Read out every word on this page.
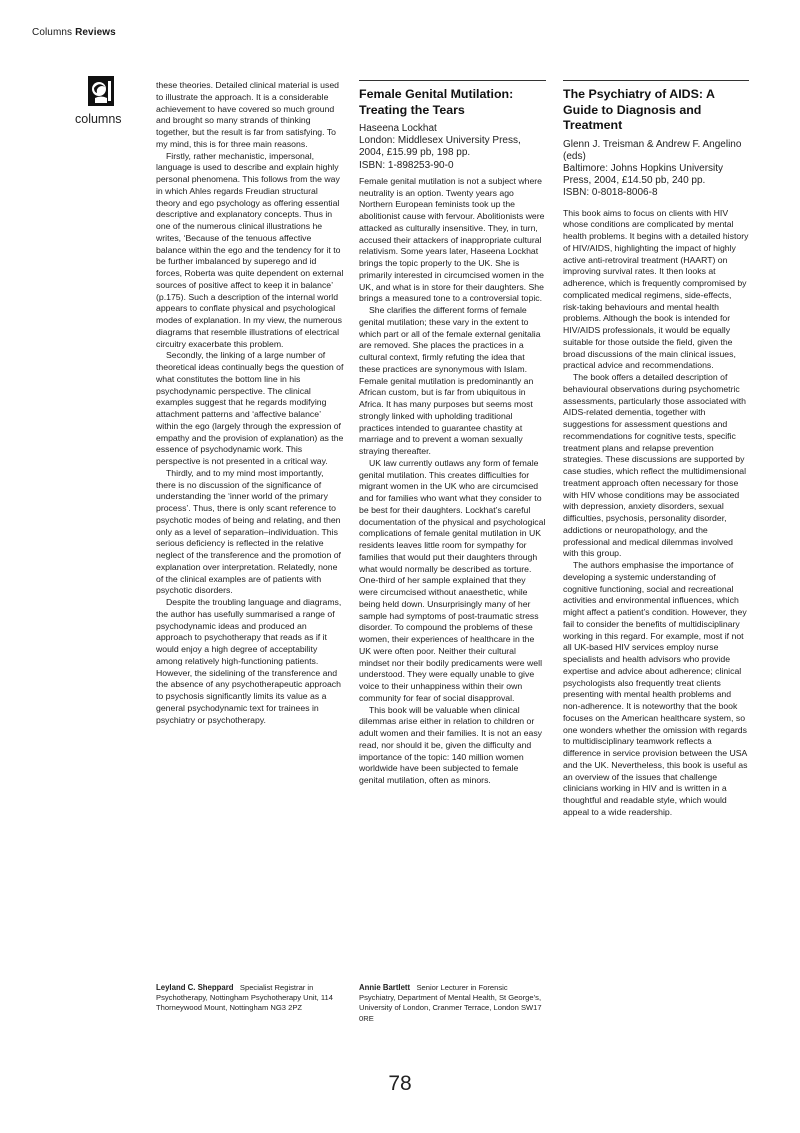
Columns Reviews
columns

these theories. Detailed clinical material is used to illustrate the approach. It is a considerable achievement to have covered so much ground and brought so many strands of thinking together, but the result is far from satisfying. To my mind, this is for three main reasons.

Firstly, rather mechanistic, impersonal, language is used to describe and explain highly personal phenomena. This follows from the way in which Ahles regards Freudian structural theory and ego psychology as offering essential descriptive and explanatory concepts. Thus in one of the numerous clinical illustrations he writes, ‘Because of the tenuous affective balance within the ego and the tendency for it to be further imbalanced by superego and id forces, Roberta was quite dependent on external sources of positive affect to keep it in balance’ (p.175). Such a description of the internal world appears to conflate physical and psychological modes of explanation. In my view, the numerous diagrams that resemble illustrations of electrical circuitry exacerbate this problem.

Secondly, the linking of a large number of theoretical ideas continually begs the question of what constitutes the bottom line in his psychodynamic perspective. The clinical examples suggest that he regards modifying attachment patterns and ‘affective balance’ within the ego (largely through the expression of empathy and the provision of explanation) as the essence of psychodynamic work. This perspective is not presented in a critical way.

Thirdly, and to my mind most importantly, there is no discussion of the significance of understanding the ‘inner world of the primary process’. Thus, there is only scant reference to psychotic modes of being and relating, and then only as a level of separation–individuation. This serious deficiency is reflected in the relative neglect of the transference and the promotion of explanation over interpretation. Relatedly, none of the clinical examples are of patients with psychotic disorders.

Despite the troubling language and diagrams, the author has usefully summarised a range of psychodynamic ideas and produced an approach to psychotherapy that reads as if it would enjoy a high degree of acceptability among relatively high-functioning patients. However, the sidelining of the transference and the absence of any psychotherapeutic approach to psychosis significantly limits its value as a general psychodynamic text for trainees in psychiatry or psychotherapy.

Leyland C. Sheppard Specialist Registrar in Psychotherapy, Nottingham Psychotherapy Unit, 114 Thorneywood Mount, Nottingham NG3 2PZ
Female Genital Mutilation: Treating the Tears
Haseena Lockhat
London: Middlesex University Press, 2004, £15.99 pb, 198 pp.
ISBN: 1-898253-90-0

Female genital mutilation is not a subject where neutrality is an option. Twenty years ago Northern European feminists took up the abolitionist cause with fervour. Abolitionists were attacked as culturally insensitive. They, in turn, accused their attackers of inappropriate cultural relativism. Some years later, Haseena Lockhat brings the topic properly to the UK. She is primarily interested in circumcised women in the UK, and what is in store for their daughters. She brings a measured tone to a controversial topic.

She clarifies the different forms of female genital mutilation; these vary in the extent to which part or all of the female external genitalia are removed. She places the practices in a cultural context, firmly refuting the idea that these practices are synonymous with Islam. Female genital mutilation is predominantly an African custom, but is far from ubiquitous in Africa. It has many purposes but seems most strongly linked with upholding traditional practices intended to guarantee chastity at marriage and to prevent a woman sexually straying thereafter.

UK law currently outlaws any form of female genital mutilation. This creates difficulties for migrant women in the UK who are circumcised and for families who want what they consider to be best for their daughters. Lockhat’s careful documentation of the physical and psychological complications of female genital mutilation in UK residents leaves little room for sympathy for families that would put their daughters through what would normally be described as torture. One-third of her sample explained that they were circumcised without anaesthetic, while being held down. Unsurprisingly many of her sample had symptoms of post-traumatic stress disorder. To compound the problems of these women, their experiences of healthcare in the UK were often poor. Neither their cultural mindset nor their bodily predicaments were well understood. They were equally unable to give voice to their unhappiness within their own community for fear of social disapproval.

This book will be valuable when clinical dilemmas arise either in relation to children or adult women and their families. It is not an easy read, nor should it be, given the difficulty and importance of the topic: 140 million women worldwide have been subjected to female genital mutilation, often as minors.

Annie Bartlett Senior Lecturer in Forensic Psychiatry, Department of Mental Health, St George’s, University of London, Cranmer Terrace, London SW17 0RE
The Psychiatry of AIDS: A Guide to Diagnosis and Treatment
Glenn J. Treisman & Andrew F. Angelino (eds)
Baltimore: Johns Hopkins University Press, 2004, £14.50 pb, 240 pp.
ISBN: 0-8018-8006-8

This book aims to focus on clients with HIV whose conditions are complicated by mental health problems. It begins with a detailed history of HIV/AIDS, highlighting the impact of highly active anti-retroviral treatment (HAART) on improving survival rates. It then looks at adherence, which is frequently compromised by complicated medical regimens, side-effects, risk-taking behaviours and mental health problems. Although the book is intended for HIV/AIDS professionals, it would be equally suitable for those outside the field, given the broad discussions of the main clinical issues, practical advice and recommendations.

The book offers a detailed description of behavioural observations during psychometric assessments, particularly those associated with AIDS-related dementia, together with suggestions for assessment questions and recommendations for cognitive tests, specific treatment plans and relapse prevention strategies. These discussions are supported by case studies, which reflect the multidimensional treatment approach often necessary for those with HIV whose conditions may be associated with depression, anxiety disorders, sexual difficulties, psychosis, personality disorder, addictions or neuropathology, and the professional and medical dilemmas involved with this group.

The authors emphasise the importance of developing a systemic understanding of cognitive functioning, social and recreational activities and environmental influences, which might affect a patient’s condition. However, they fail to consider the benefits of multidisciplinary working in this regard. For example, most if not all UK-based HIV services employ nurse specialists and health advisors who provide expertise and advice about adherence; clinical psychologists also frequently treat clients presenting with mental health problems and non-adherence. It is noteworthy that the book focuses on the American healthcare system, so one wonders whether the omission with regards to multidisciplinary teamwork reflects a difference in service provision between the USA and the UK. Nevertheless, this book is useful as an overview of the issues that challenge clinicians working in HIV and is written in a thoughtful and readable style, which would appeal to a wide readership.

78
